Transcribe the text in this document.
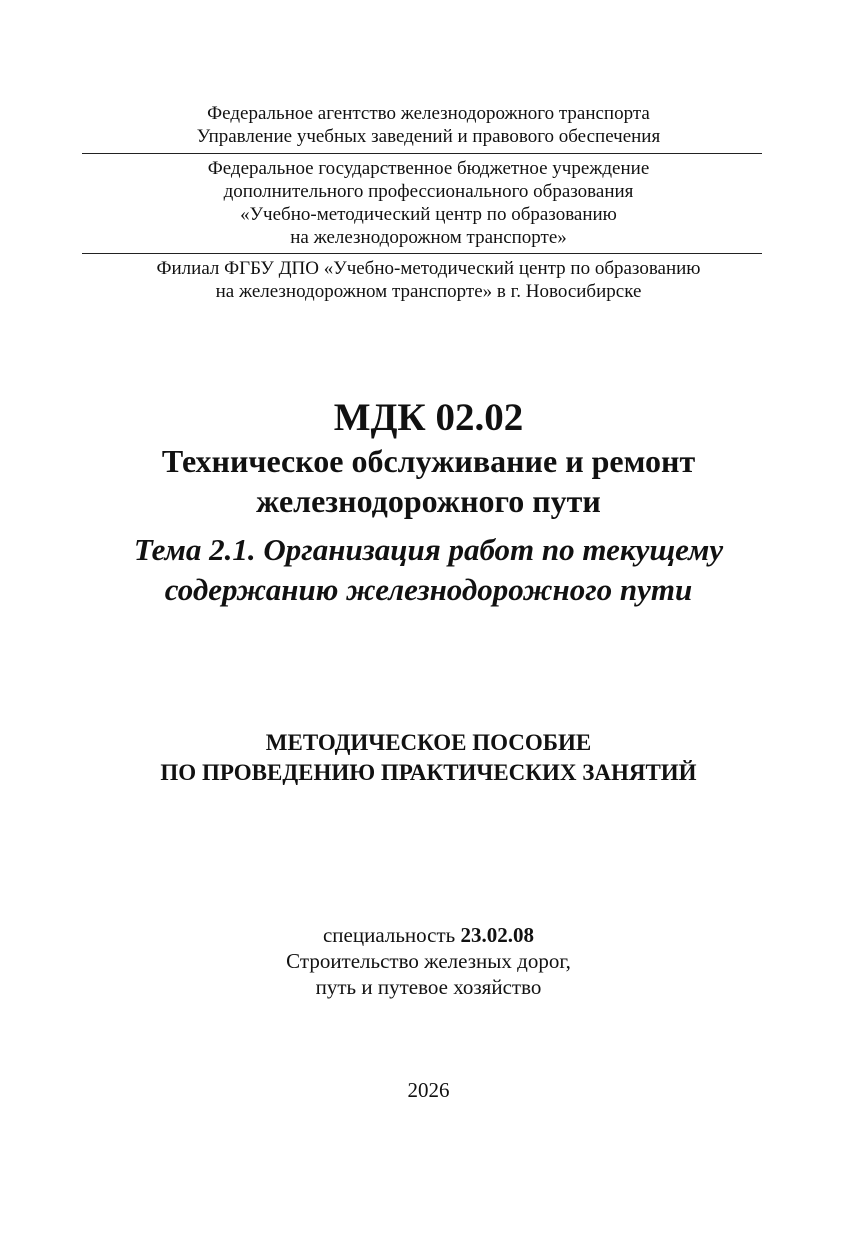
Федеральное агентство железнодорожного транспорта
Управление учебных заведений и правового обеспечения
Федеральное государственное бюджетное учреждение
дополнительного профессионального образования
«Учебно-методический центр по образованию
на железнодорожном транспорте»
Филиал ФГБУ ДПО «Учебно-методический центр по образованию
на железнодорожном транспорте» в г. Новосибирске
МДК 02.02
Техническое обслуживание и ремонт
железнодорожного пути
Тема 2.1. Организация работ по текущему
содержанию железнодорожного пути
МЕТОДИЧЕСКОЕ ПОСОБИЕ
ПО ПРОВЕДЕНИЮ ПРАКТИЧЕСКИХ ЗАНЯТИЙ
специальность 23.02.08
Строительство железных дорог,
путь и путевое хозяйство
2026
